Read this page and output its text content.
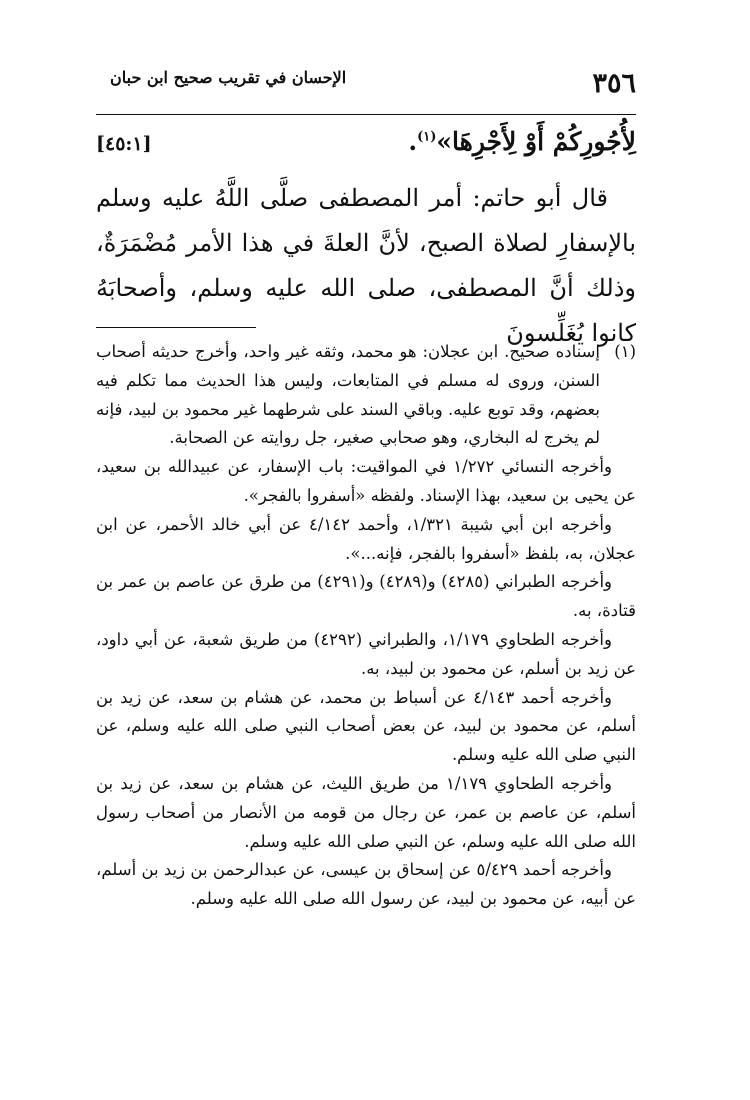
٣٥٦
الإحسان في تقريب صحيح ابن حبان
لِأُجُورِكُمْ أَوْ لِأَجْرِهَا»$^{(١)}$.
[٤٥:١]

قال أبو حاتم: أمر المصطفى صلَّى اللَّهُ عليه وسلم بالإسفارِ لصلاة الصبح، لأنَّ العلةَ في هذا الأمر مُضْمَرَةٌ، وذلك أنَّ المصطفى، صلى الله عليه وسلم، وأصحابَهُ كانوا يُغَلِّسونَ

(١)
إسناده صحيح. ابن عجلان: هو محمد، وثقه غير واحد، وأخرج حديثه أصحاب السنن، وروى له مسلم في المتابعات، وليس هذا الحديث مما تكلم فيه بعضهم، وقد توبع عليه. وباقي السند على شرطهما غير محمود بن لبيد، فإنه لم يخرج له البخاري، وهو صحابي صغير، جل روايته عن الصحابة.

وأخرجه النسائي ١/٢٧٢ في المواقيت: باب الإسفار، عن عبيدالله بن سعيد، عن يحيى بن سعيد، بهذا الإسناد. ولفظه «أسفروا بالفجر».

وأخرجه ابن أبي شيبة ١/٣٢١، وأحمد ٤/١٤٢ عن أبي خالد الأحمر، عن ابن عجلان، به، بلفظ «أسفروا بالفجر، فإنه...».

وأخرجه الطبراني (٤٢٨٥) و(٤٢٨٩) و(٤٢٩١) من طرق عن عاصم بن عمر بن قتادة، به.

وأخرجه الطحاوي ١/١٧٩، والطبراني (٤٢٩٢) من طريق شعبة، عن أبي داود، عن زيد بن أسلم، عن محمود بن لبيد، به.

وأخرجه أحمد ٤/١٤٣ عن أسباط بن محمد، عن هشام بن سعد، عن زيد بن أسلم، عن محمود بن لبيد، عن بعض أصحاب النبي صلى الله عليه وسلم، عن النبي صلى الله عليه وسلم.

وأخرجه الطحاوي ١/١٧٩ من طريق الليث، عن هشام بن سعد، عن زيد بن أسلم، عن عاصم بن عمر، عن رجال من قومه من الأنصار من أصحاب رسول الله صلى الله عليه وسلم، عن النبي صلى الله عليه وسلم.

وأخرجه أحمد ٥/٤٢٩ عن إسحاق بن عيسى، عن عبدالرحمن بن زيد بن أسلم، عن أبيه، عن محمود بن لبيد، عن رسول الله صلى الله عليه وسلم.
